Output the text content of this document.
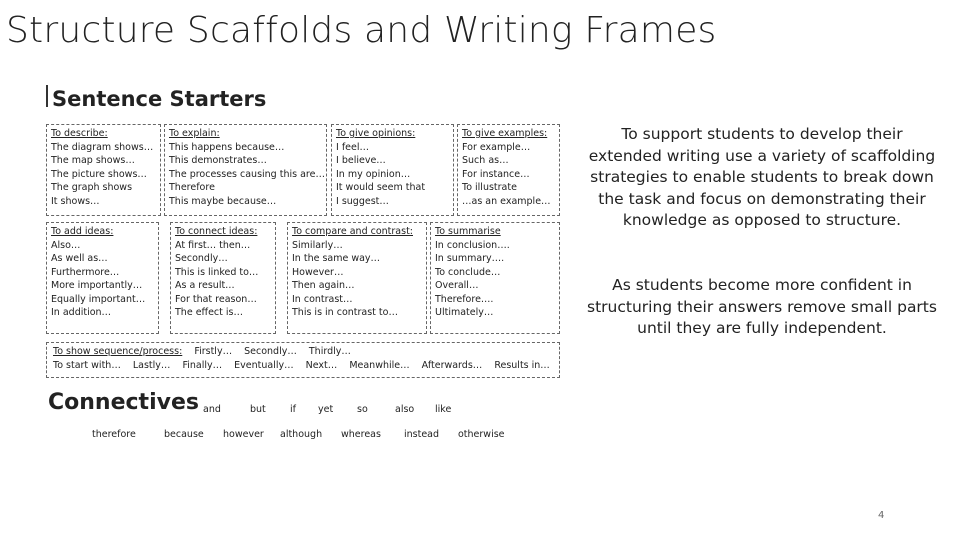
Structure Scaffolds and Writing Frames
Sentence Starters
To describe:
The diagram shows…
The map shows…
The picture shows…
The graph shows
It shows…
To explain:
This happens because…
This demonstrates…
The processes causing this are…
Therefore
This maybe because…
To give opinions:
I feel…
I believe…
In my opinion…
It would seem that
I suggest…
To give examples:
For example…
Such as…
For instance…
To illustrate
…as an example…
To add ideas:
Also…
As well as…
Furthermore…
More importantly…
Equally important…
In addition…
To connect ideas:
At first… then…
Secondly…
This is linked to…
As a result…
For that reason…
The effect is…
To compare and contrast:
Similarly…
In the same way…
However…
Then again…
In contrast…
This is in contrast to…
To summarise
In conclusion….
In summary….
To conclude…
Overall…
Therefore….
Ultimately…
To show sequence/process: Firstly… Secondly… Thirdly…
To start with… Lastly… Finally… Eventually… Next… Meanwhile… Afterwards… Results in…
Connectives and	but	if yet	so	also like
therefore	because however although whereas instead otherwise
To support students to develop their extended writing use a variety of scaffolding strategies to enable students to break down the task and focus on demonstrating their knowledge as opposed to structure.
As students become more confident in structuring their answers remove small parts until they are fully independent.
4
